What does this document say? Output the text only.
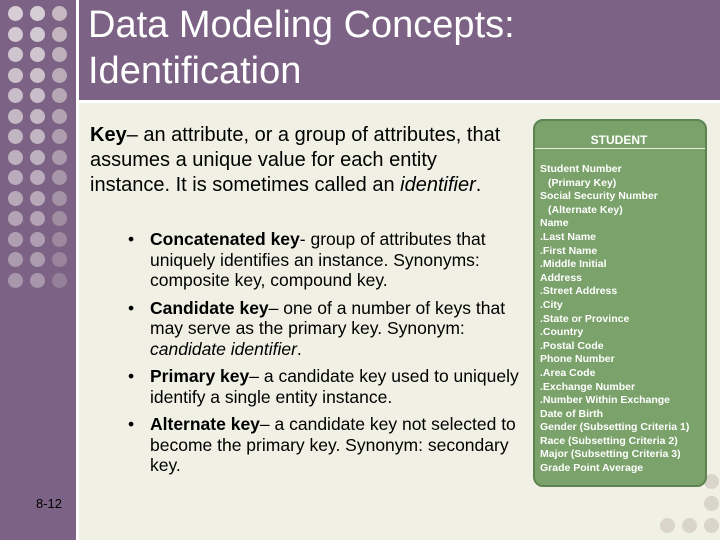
Data Modeling Concepts:
Identification
Key– an attribute, or a group of attributes, that assumes a unique value for each entity instance. It is sometimes called an identifier.
• Concatenated key- group of attributes that uniquely identifies an instance. Synonyms: composite key, compound key.
• Candidate key– one of a number of keys that may serve as the primary key. Synonym: candidate identifier.
• Primary key– a candidate key used to uniquely identify a single entity instance.
• Alternate key– a candidate key not selected to become the primary key. Synonym: secondary key.
8-12
STUDENT
Student Number
(Primary Key)
Social Security Number
(Alternate Key)
Name
.Last Name
.First Name
.Middle Initial
Address
.Street Address
.City
.State or Province
.Country
.Postal Code
Phone Number
.Area Code
.Exchange Number
.Number Within Exchange
Date of Birth
Gender (Subsetting Criteria 1)
Race (Subsetting Criteria 2)
Major (Subsetting Criteria 3)
Grade Point Average
